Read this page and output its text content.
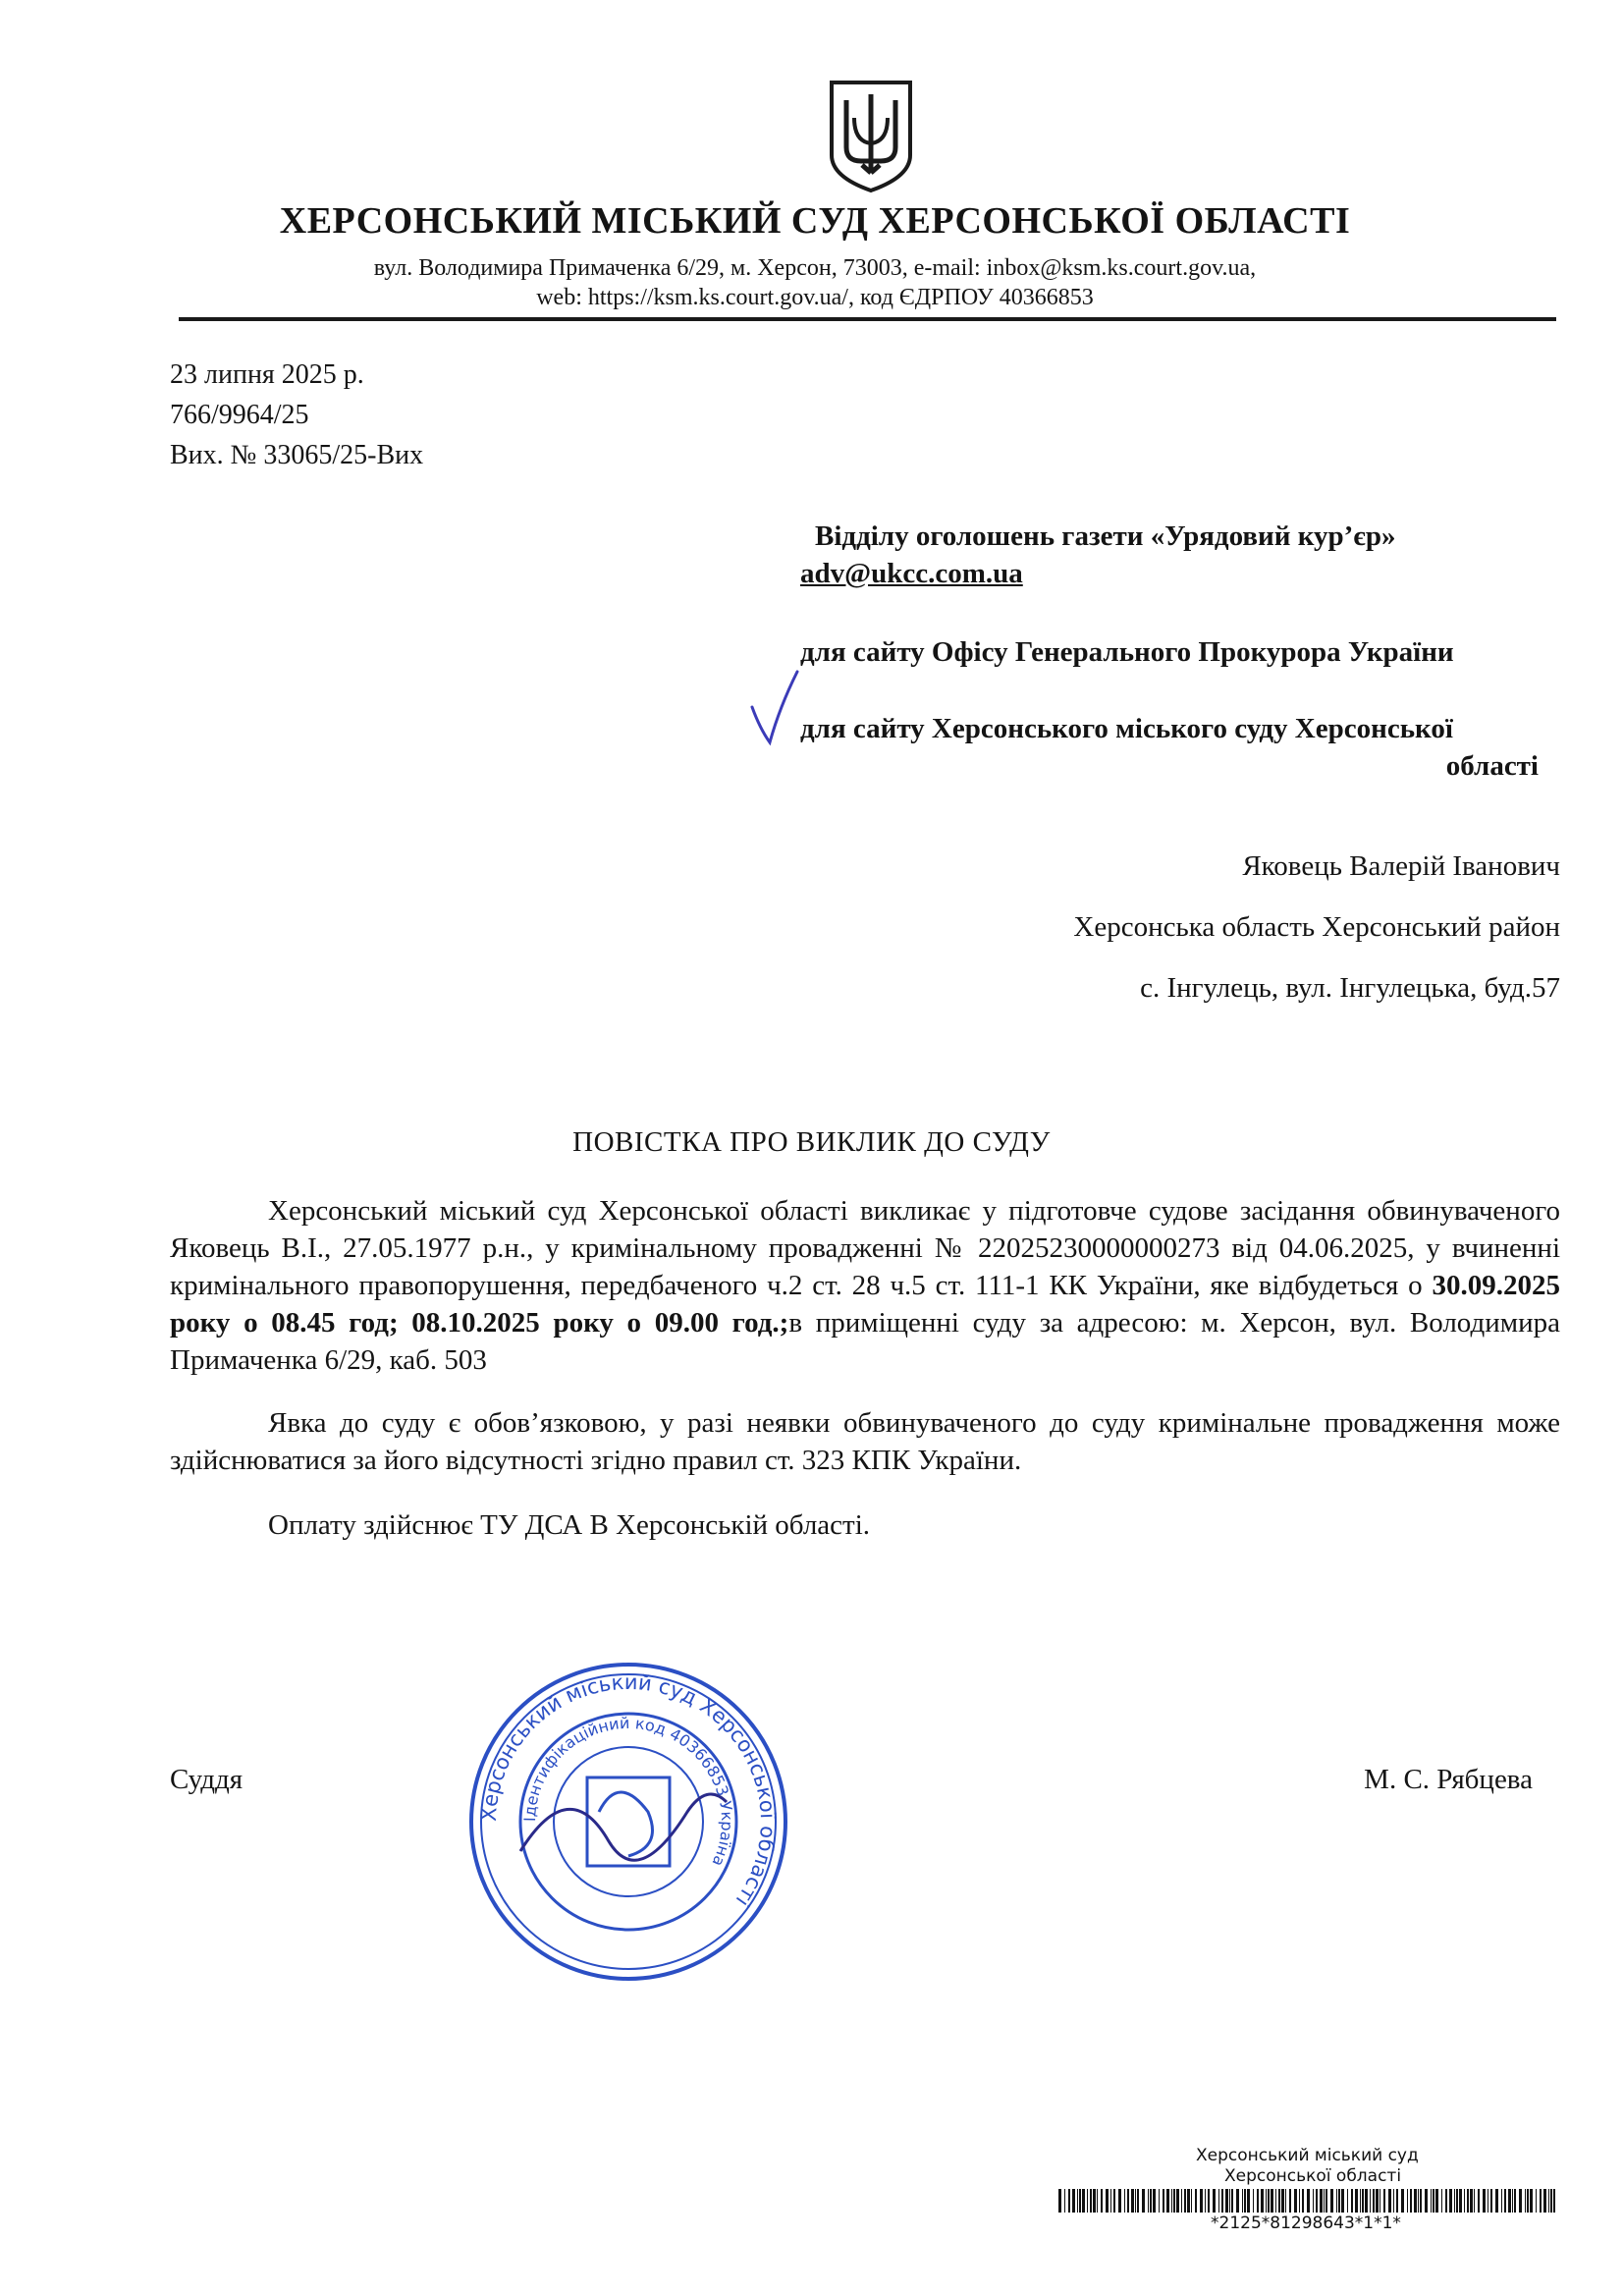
ХЕРСОНСЬКИЙ МІСЬКИЙ СУД ХЕРСОНСЬКОЇ ОБЛАСТІ
вул. Володимира Примаченка 6/29, м. Херсон, 73003, e-mail: inbox@ksm.ks.court.gov.ua,
web: https://ksm.ks.court.gov.ua/, код ЄДРПОУ 40366853
23 липня 2025 р.
766/9964/25
Вих. № 33065/25-Вих
Відділу оголошень газети «Урядовий кур’єр»
adv@ukcc.com.ua
для сайту Офісу Генерального Прокурора України
для сайту Херсонського міського суду Херсонської
області
Яковець Валерій Іванович
Херсонська область Херсонський район
с. Інгулець, вул. Інгулецька, буд.57
ПОВІСТКА ПРО ВИКЛИК ДО СУДУ
Херсонський міський суд Херсонської області викликає у підготовче судове засідання обвинуваченого Яковець В.І., 27.05.1977 р.н., у кримінальному провадженні № 22025230000000273 від 04.06.2025, у вчиненні кримінального правопорушення, передбаченого ч.2 ст. 28 ч.5 ст. 111-1 КК України, яке відбудеться о 30.09.2025 року о 08.45 год; 08.10.2025 року о 09.00 год.;в приміщенні суду за адресою: м. Херсон, вул. Володимира Примаченка 6/29, каб. 503
Явка до суду є обов’язковою, у разі неявки обвинуваченого до суду кримінальне провадження може здійснюватися за його відсутності згідно правил ст. 323 КПК України.
Оплату здійснює ТУ ДСА В Херсонській області.
Суддя
Херсонський міський суд Херсонської області
Ідентифікаційний код 40366853 Україна
М. С. Рябцева
Херсонський міський суд
Херсонської області
*2125*81298643*1*1*
